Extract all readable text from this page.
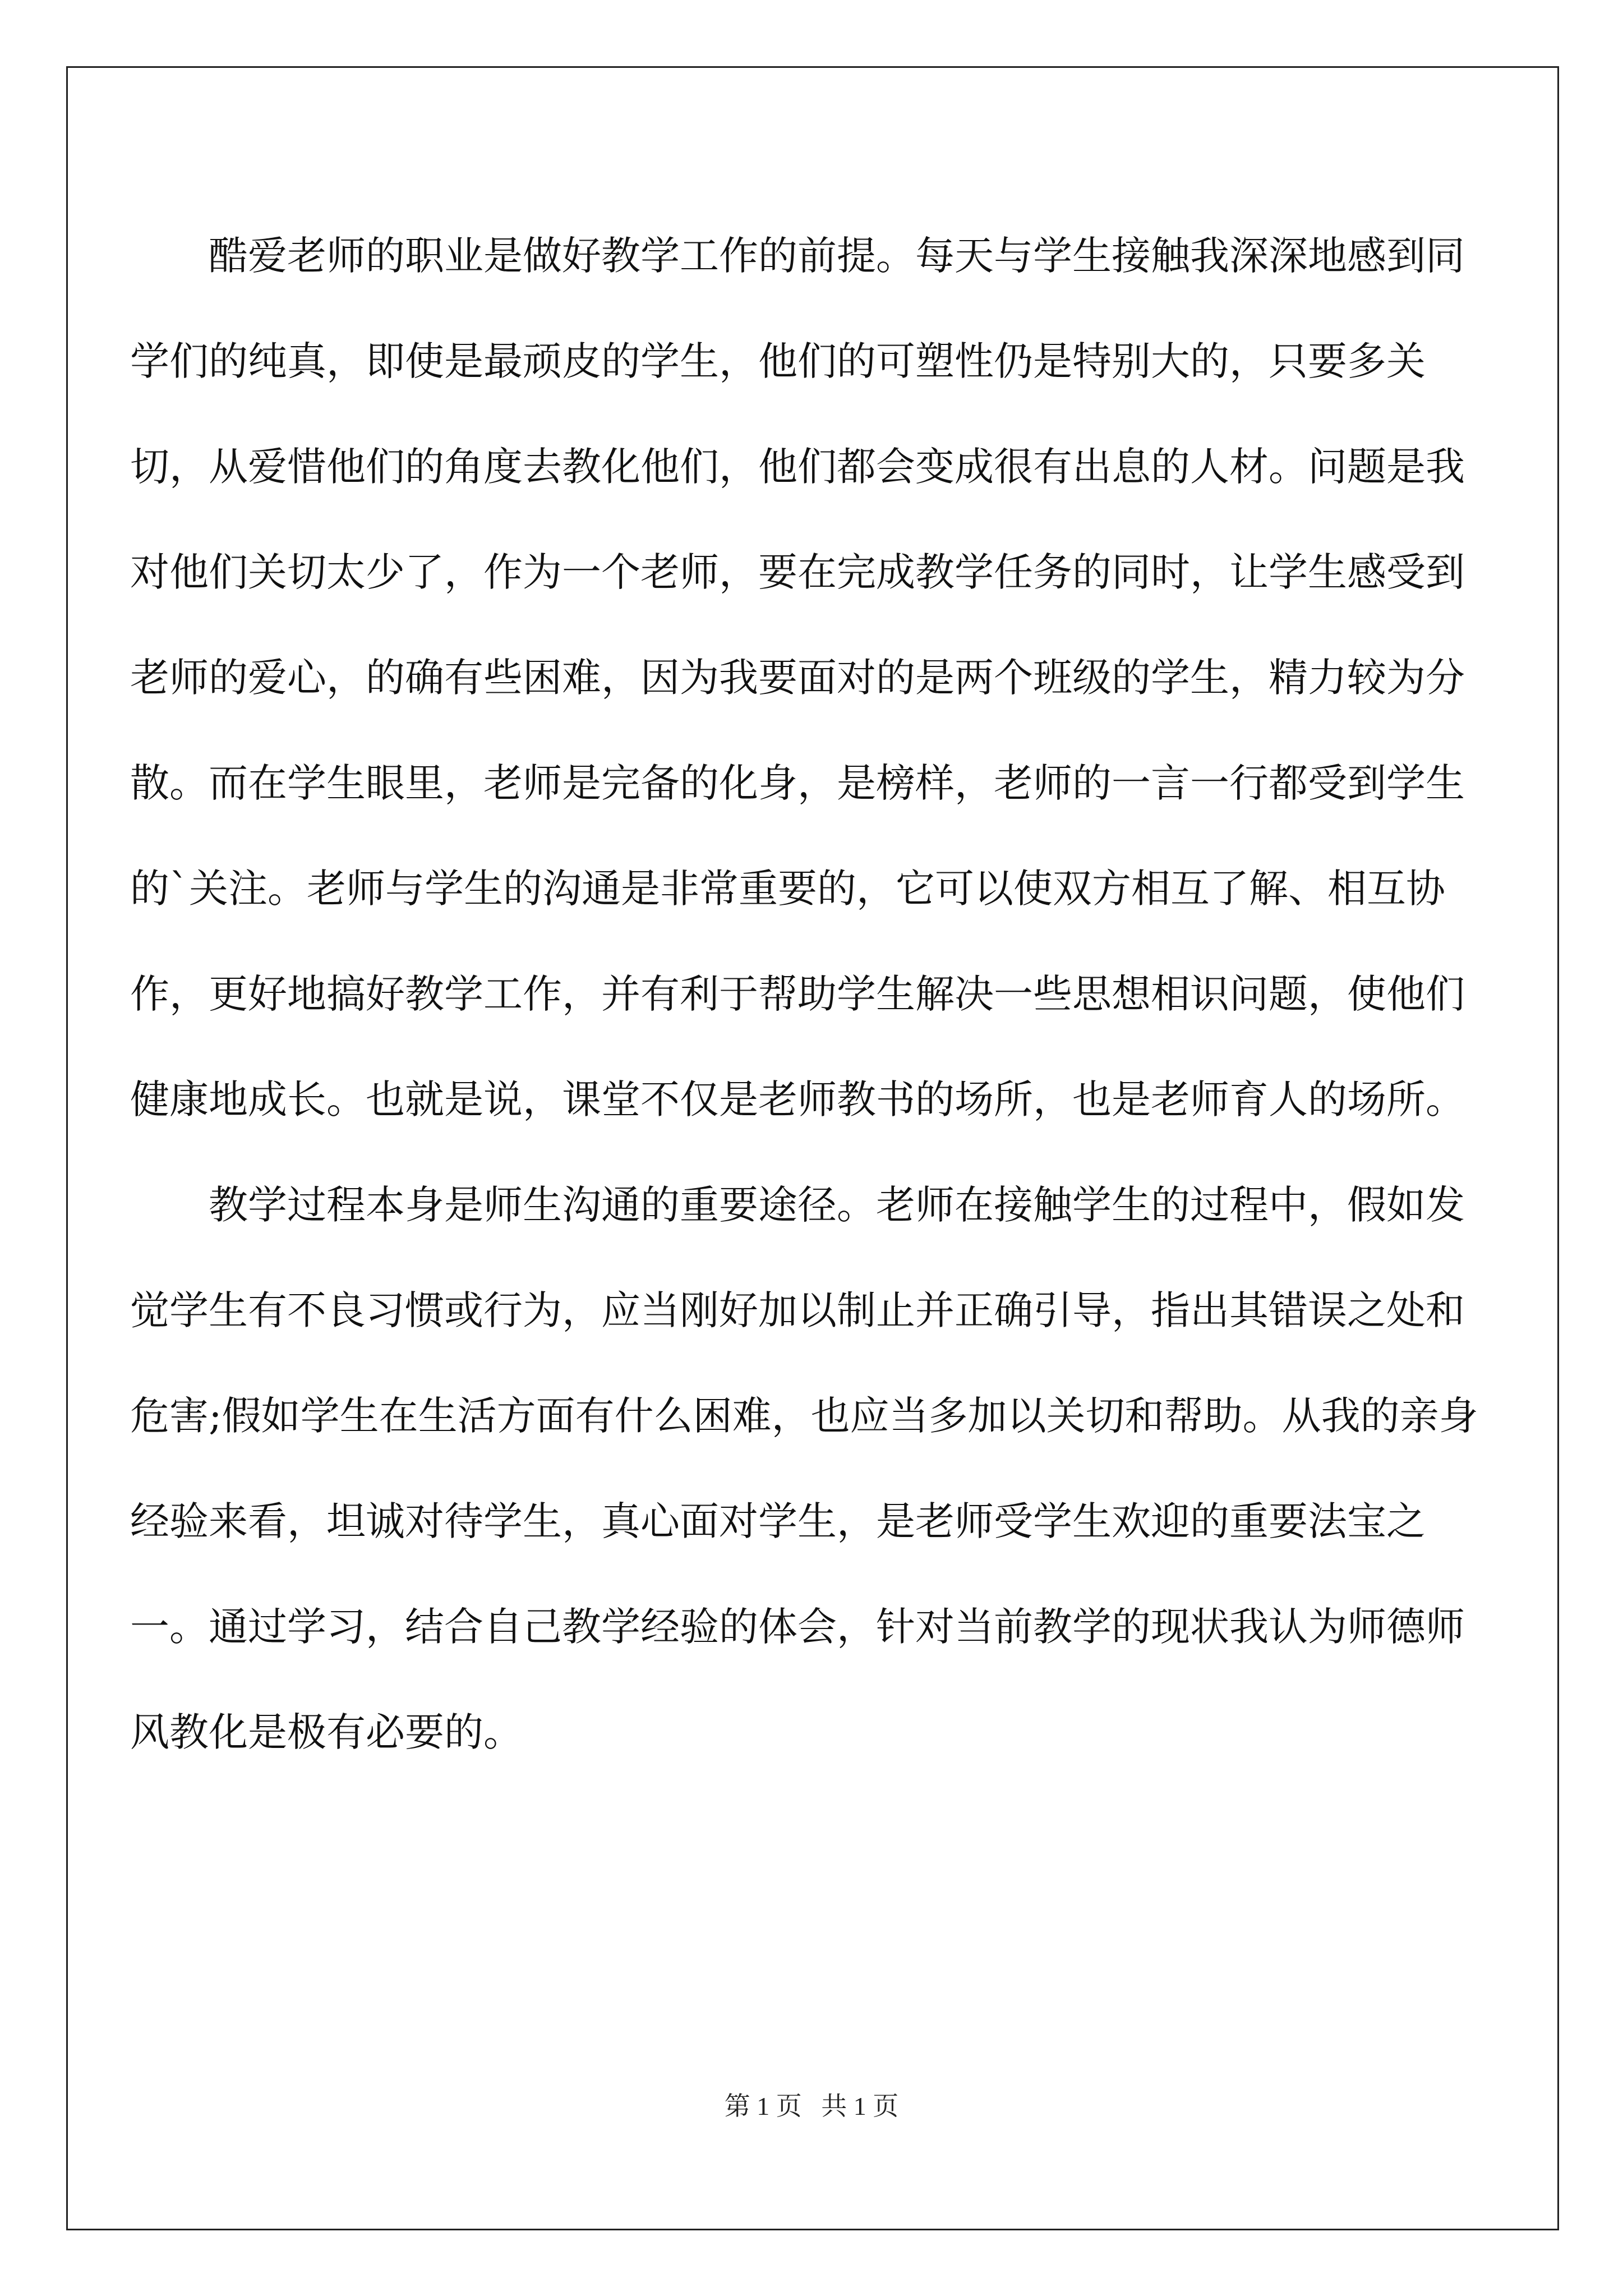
酷爱老师的职业是做好教学工作的前提。每天与学生接触我深深地感到同学们的纯真，即使是最顽皮的学生，他们的可塑性仍是特别大的，只要多关切，从爱惜他们的角度去教化他们，他们都会变成很有出息的人材。问题是我对他们关切太少了，作为一个老师，要在完成教学任务的同时，让学生感受到老师的爱心，的确有些困难，因为我要面对的是两个班级的学生，精力较为分散。而在学生眼里，老师是完备的化身，是榜样，老师的一言一行都受到学生的`关注。老师与学生的沟通是非常重要的，它可以使双方相互了解、相互协作，更好地搞好教学工作，并有利于帮助学生解决一些思想相识问题，使他们健康地成长。也就是说，课堂不仅是老师教书的场所，也是老师育人的场所。

教学过程本身是师生沟通的重要途径。老师在接触学生的过程中，假如发觉学生有不良习惯或行为，应当刚好加以制止并正确引导，指出其错误之处和危害;假如学生在生活方面有什么困难，也应当多加以关切和帮助。从我的亲身经验来看，坦诚对待学生，真心面对学生，是老师受学生欢迎的重要法宝之一。通过学习，结合自己教学经验的体会，针对当前教学的现状我认为师德师风教化是极有必要的。

第 1 页   共 1 页
